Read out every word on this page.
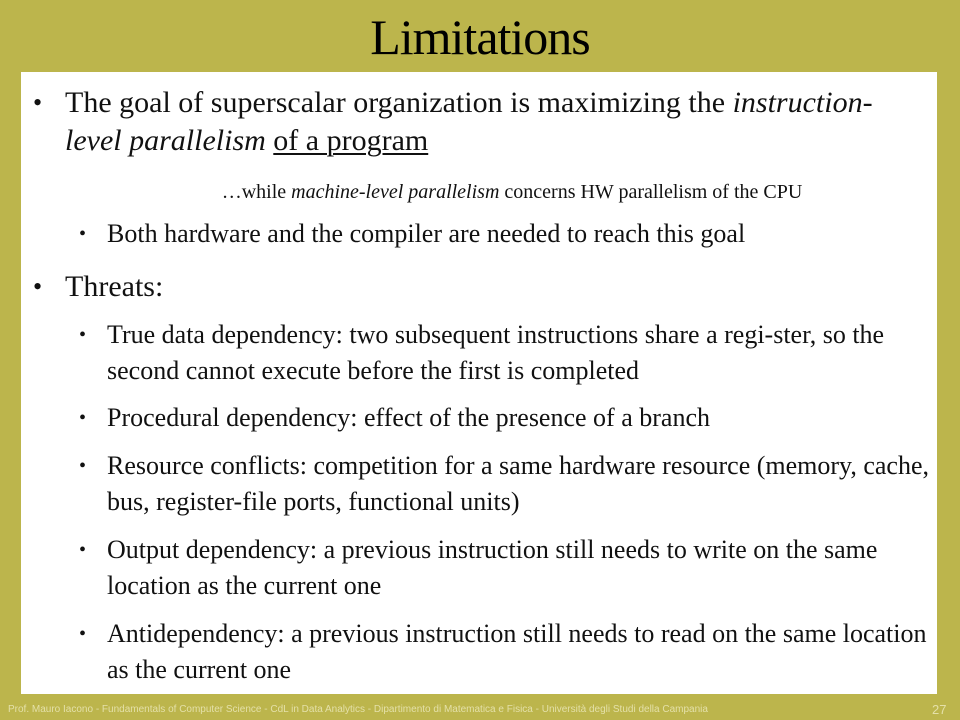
Limitations
• The goal of superscalar organization is maximizing the instruction-level parallelism of a program
…while machine-level parallelism concerns HW parallelism of the CPU
• Both hardware and the compiler are needed to reach this goal
• Threats:
• True data dependency: two subsequent instructions share a regi-ster, so the second cannot execute before the first is completed
• Procedural dependency: effect of the presence of a branch
• Resource conflicts: competition for a same hardware resource (memory, cache, bus, register-file ports, functional units)
• Output dependency: a previous instruction still needs to write on the same location as the current one
• Antidependency: a previous instruction still needs to read on the same location as the current one
Prof. Mauro Iacono - Fundamentals of Computer Science - CdL in Data Analytics - Dipartimento di Matematica e Fisica - Università degli Studi della Campania	27
